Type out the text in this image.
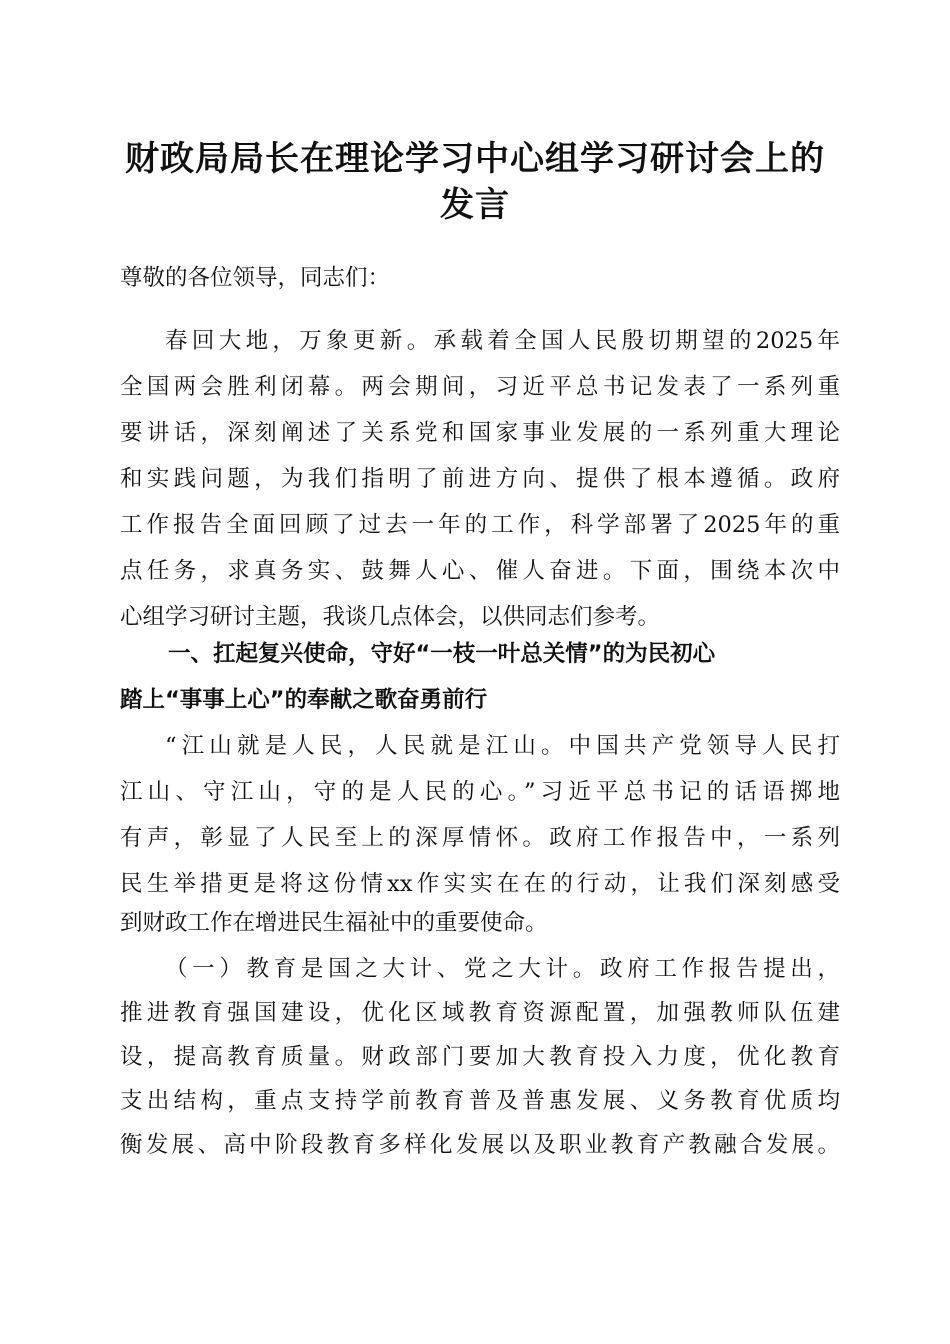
财政局局长在理论学习中心组学习研讨会上的
发言

尊敬的各位领导，同志们：

春回大地，万象更新。承载着全国人民殷切期望的2025年

全国两会胜利闭幕。两会期间，习近平总书记发表了一系列重

要讲话，深刻阐述了关系党和国家事业发展的一系列重大理论

和实践问题，为我们指明了前进方向、提供了根本遵循。政府

工作报告全面回顾了过去一年的工作，科学部署了2025年的重

点任务，求真务实、鼓舞人心、催人奋进。下面，围绕本次中

心组学习研讨主题，我谈几点体会，以供同志们参考。

一、扛起复兴使命，守好“一枝一叶总关情”的为民初心

踏上“事事上心”的奉献之歌奋勇前行

“江山就是人民，人民就是江山。中国共产党领导人民打

江山、守江山，守的是人民的心。”习近平总书记的话语掷地

有声，彰显了人民至上的深厚情怀。政府工作报告中，一系列

民生举措更是将这份情xx作实实在在的行动，让我们深刻感受

到财政工作在增进民生福祉中的重要使命。

（一）教育是国之大计、党之大计。政府工作报告提出，

推进教育强国建设，优化区域教育资源配置，加强教师队伍建

设，提高教育质量。财政部门要加大教育投入力度，优化教育

支出结构，重点支持学前教育普及普惠发展、义务教育优质均

衡发展、高中阶段教育多样化发展以及职业教育产教融合发展。
